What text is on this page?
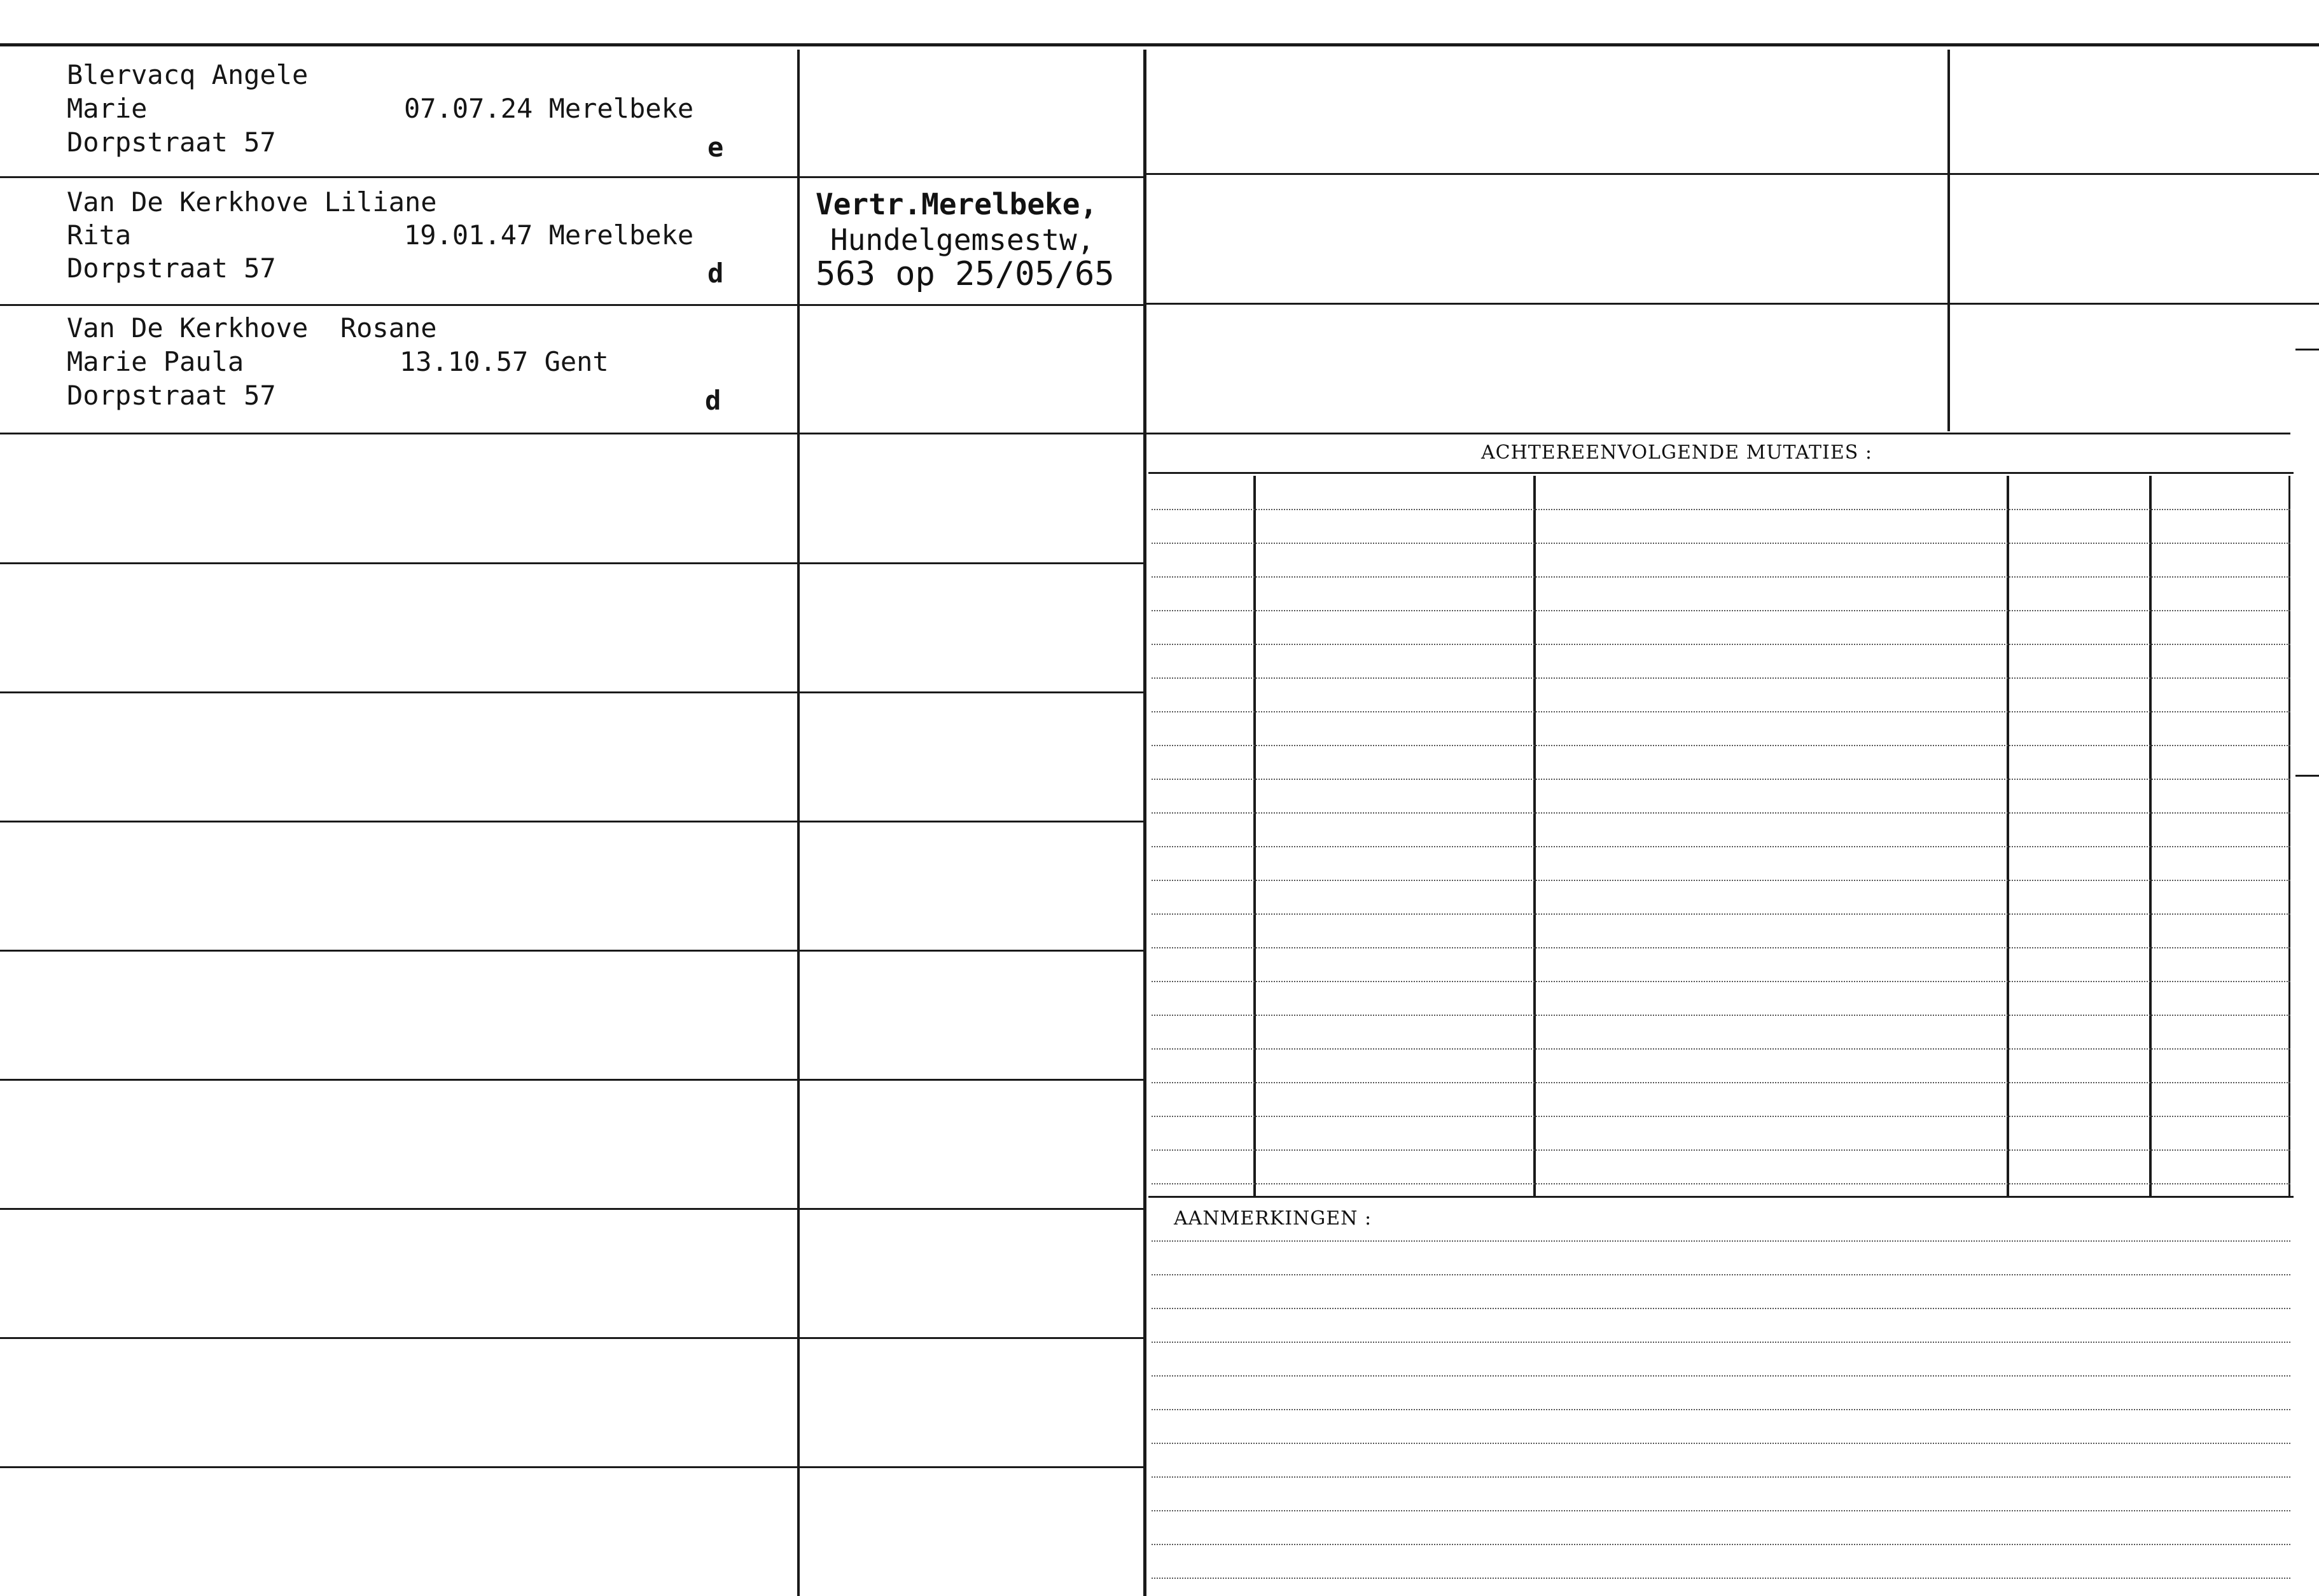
Blervacq Angele
Marie	07.07.24 Merelbeke
Dorpstraat 57	e
Van De Kerkhove Liliane
Rita	19.01.47 Merelbeke
Dorpstraat 57	d
Vertr.Merelbeke,
Hundelgemsestw,
563 op 25/05/65
Van De Kerkhove  Rosane
Marie Paula	13.10.57 Gent
Dorpstraat 57	d
ACHTEREENVOLGENDE MUTATIES :
AANMERKINGEN :
